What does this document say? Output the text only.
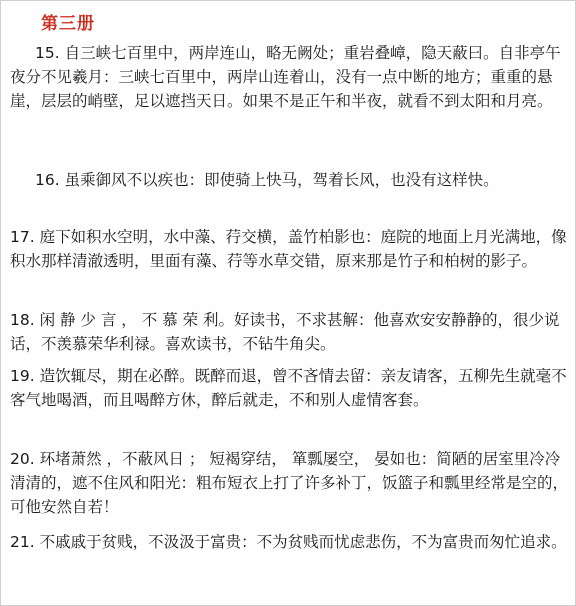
第三册

15. 自三峡七百里中，两岸连山，略无阙处；重岩叠嶂，隐天蔽曰。自非亭午夜分不见羲月：三峡七百里中，两岸山连着山，没有一点中断的地方；重重的悬崖，层层的峭壁，足以遮挡天日。如果不是正午和半夜，就看不到太阳和月亮。

16. 虽乘御风不以疾也：即使骑上快马，驾着长风，也没有这样快。

17. 庭下如积水空明，水中藻、荇交横，盖竹柏影也：庭院的地面上月光满地，像积水那样清澈透明，里面有藻、荇等水草交错，原来那是竹子和柏树的影子。

18. 闲 静 少 言 ， 不 慕 荣 利。好读书，不求甚解：他喜欢安安静静的，很少说话，不羡慕荣华利禄。喜欢读书，不钻牛角尖。

19. 造饮辄尽，期在必醉。既醉而退，曾不吝情去留：亲友请客，五柳先生就毫不客气地喝酒，而且喝醉方休，醉后就走，不和别人虚情客套。

20. 环堵萧然 ，不蔽风日 ； 短褐穿结， 箪瓢屡空， 晏如也：简陋的居室里冷冷清清的，遮不住风和阳光：粗布短衣上打了许多补丁，饭篮子和瓢里经常是空的，可他安然自若！

21. 不戚戚于贫贱，不汲汲于富贵：不为贫贱而忧虑悲伤，不为富贵而匆忙追求。
